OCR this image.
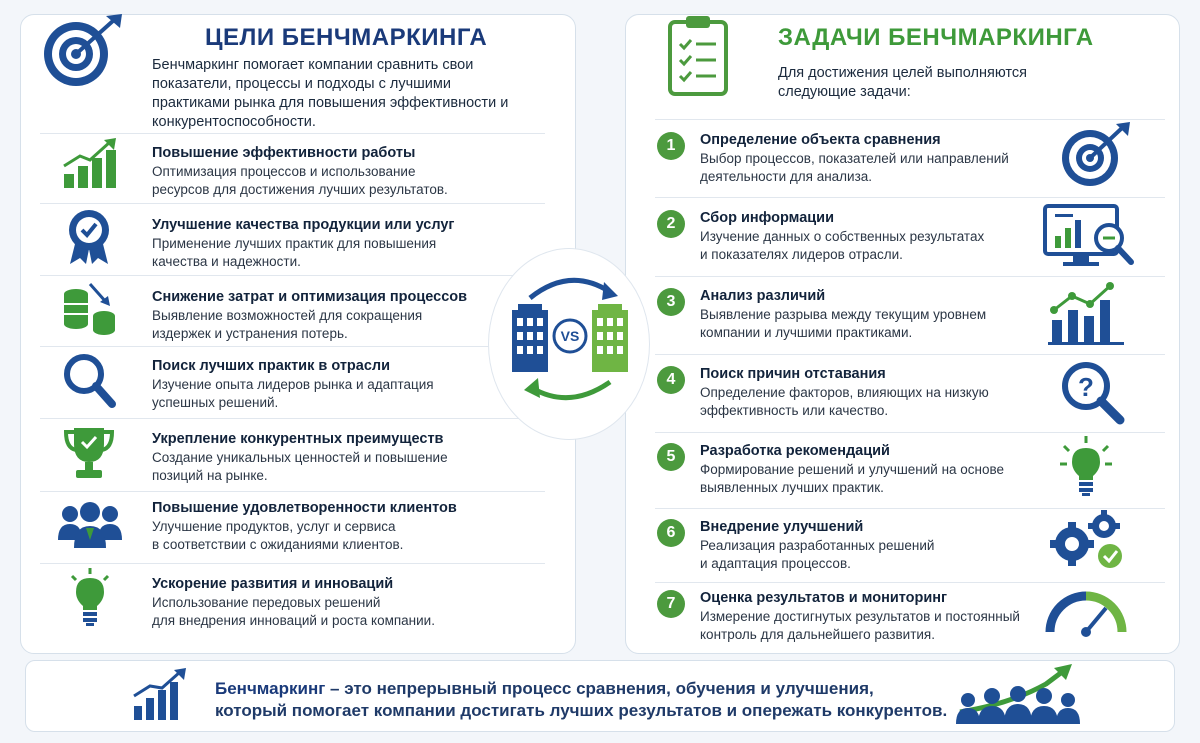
ЦЕЛИ БЕНЧМАРКИНГА
Бенчмаркинг помогает компании сравнить свои показатели, процессы и подходы с лучшими практиками рынка для повышения эффективности и конкурентоспособности.
ЗАДАЧИ БЕНЧМАРКИНГА
Для достижения целей выполняются следующие задачи:
Повышение эффективности работы
Оптимизация процессов и использование
ресурсов для достижения лучших результатов.
Улучшение качества продукции или услуг
Применение лучших практик для повышения
качества и надежности.
Снижение затрат и оптимизация процессов
Выявление возможностей для сокращения
издержек и устранения потерь.
Поиск лучших практик в отрасли
Изучение опыта лидеров рынка и адаптация
успешных решений.
Укрепление конкурентных преимуществ
Создание уникальных ценностей и повышение
позиций на рынке.
Повышение удовлетворенности клиентов
Улучшение продуктов, услуг и сервиса
в соответствии с ожиданиями клиентов.
Ускорение развития и инноваций
Использование передовых решений
для внедрения инноваций и роста компании.
VS
1	Определение объекта сравнения
Выбор процессов, показателей или направлений
деятельности для анализа.
2	Сбор информации
Изучение данных о собственных результатах
и показателях лидеров отрасли.
3	Анализ различий
Выявление разрыва между текущим уровнем
компании и лучшими практиками.
4	Поиск причин отставания
Определение факторов, влияющих на низкую
эффективность или качество.
?
5	Разработка рекомендаций
Формирование решений и улучшений на основе
выявленных лучших практик.
6	Внедрение улучшений
Реализация разработанных решений
и адаптация процессов.
7	Оценка результатов и мониторинг
Измерение достигнутых результатов и постоянный
контроль для дальнейшего развития.
Бенчмаркинг – это непрерывный процесс сравнения, обучения и улучшения,
который помогает компании достигать лучших результатов и опережать конкурентов.
